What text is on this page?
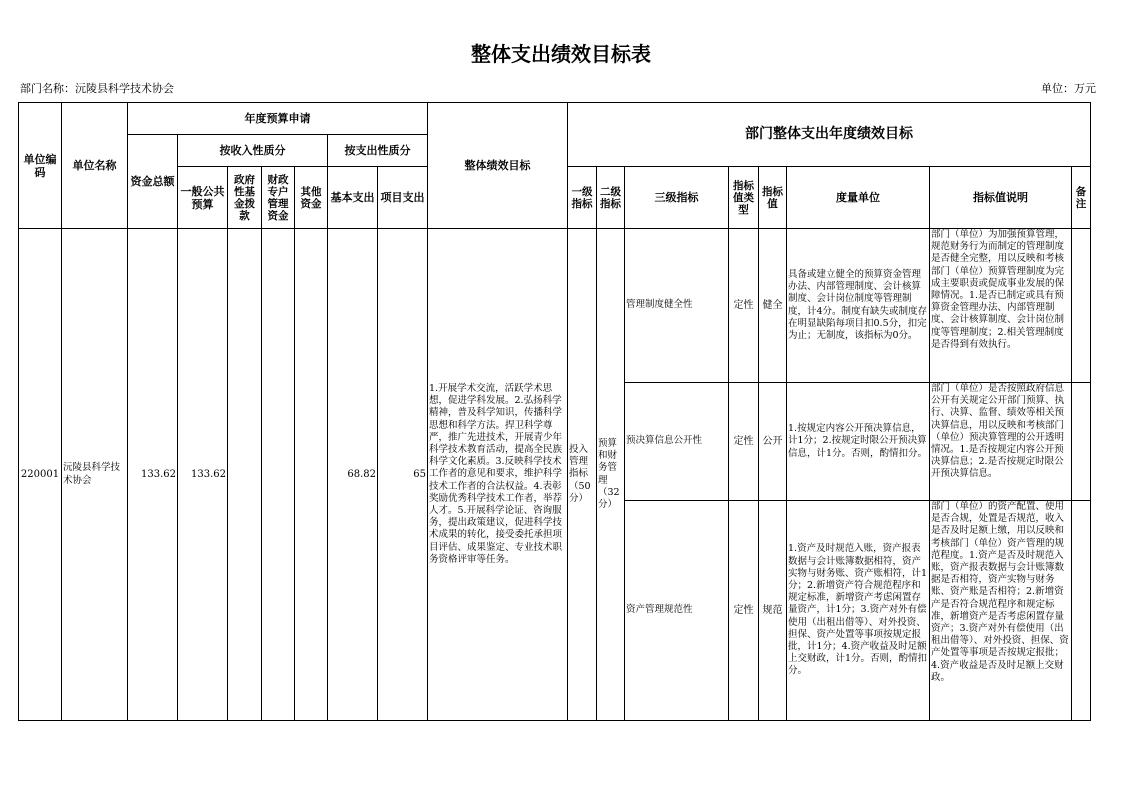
整体支出绩效目标表
部门名称：沅陵县科学技术协会	单位：万元
单位编码	单位名称	年度预算申请							整体绩效目标	部门整体支出年度绩效目标							
		资金总额	按收入性质分				按支出性质分										
			一般公共预算	政府性基金拨款	财政专户管理资金	其他资金	基本支出	项目支出		一级指标	二级指标	三级指标	指标值类型	指标值	度量单位	指标值说明	备注

220001	沅陵县科学技术协会	133.62	133.62				68.82	65	1.开展学术交流，活跃学术思想，促进学科发展。2.弘扬科学精神，普及科学知识，传播科学思想和科学方法。捍卫科学尊严，推广先进技术，开展青少年科学技术教育活动，提高全民族科学文化素质。3.反映科学技术工作者的意见和要求，维护科学技术工作者的合法权益。4.表彰奖励优秀科学技术工作者，举荐人才。5.开展科学论证、咨询服务，提出政策建议，促进科学技术成果的转化，接受委托承担项目评估、成果鉴定、专业技术职务资格评审等任务。	投入管理指标（50分）	预算和财务管理（32分）	管理制度健全性	定性	健全	具备或建立健全的预算资金管理办法、内部管理制度、会计核算制度、会计岗位制度等管理制度，计4分。制度有缺失或制度存在明显缺陷每项目扣0.5分，扣完为止；无制度，该指标为0分。	部门（单位）为加强预算管理，规范财务行为而制定的管理制度是否健全完整，用以反映和考核部门（单位）预算管理制度为完成主要职责或促成事业发展的保障情况。1.是否已制定或具有预算资金管理办法、内部管理制度、会计核算制度、会计岗位制度等管理制度；2.相关管理制度是否得到有效执行。	

												预决算信息公开性	定性	公开	1.按规定内容公开预决算信息，计1分；2.按规定时限公开预决算信息，计1分。否则，酌情扣分。	部门（单位）是否按照政府信息公开有关规定公开部门预算、执行、决算、监督、绩效等相关预决算信息，用以反映和考核部门（单位）预决算管理的公开透明情况。1.是否按规定内容公开预决算信息；2.是否按规定时限公开预决算信息。	

												资产管理规范性	定性	规范	1.资产及时规范入账，资产报表数据与会计账簿数据相符，资产实物与财务账、资产账相符，计1分；2.新增资产符合规范程序和规定标准，新增资产考虑闲置存量资产，计1分；3.资产对外有偿使用（出租出借等）、对外投资、担保、资产处置等事项按规定报批，计1分；4.资产收益及时足额上交财政，计1分。否则，酌情扣分。	部门（单位）的资产配置、使用是否合规，处置是否规范，收入是否及时足额上缴，用以反映和考核部门（单位）资产管理的规范程度。1.资产是否及时规范入账，资产报表数据与会计账簿数据是否相符，资产实物与财务账、资产账是否相符；2.新增资产是否符合规范程序和规定标准，新增资产是否考虑闲置存量资产；3.资产对外有偿使用（出租出借等）、对外投资、担保、资产处置等事项是否按规定报批；4.资产收益是否及时足额上交财政。	
